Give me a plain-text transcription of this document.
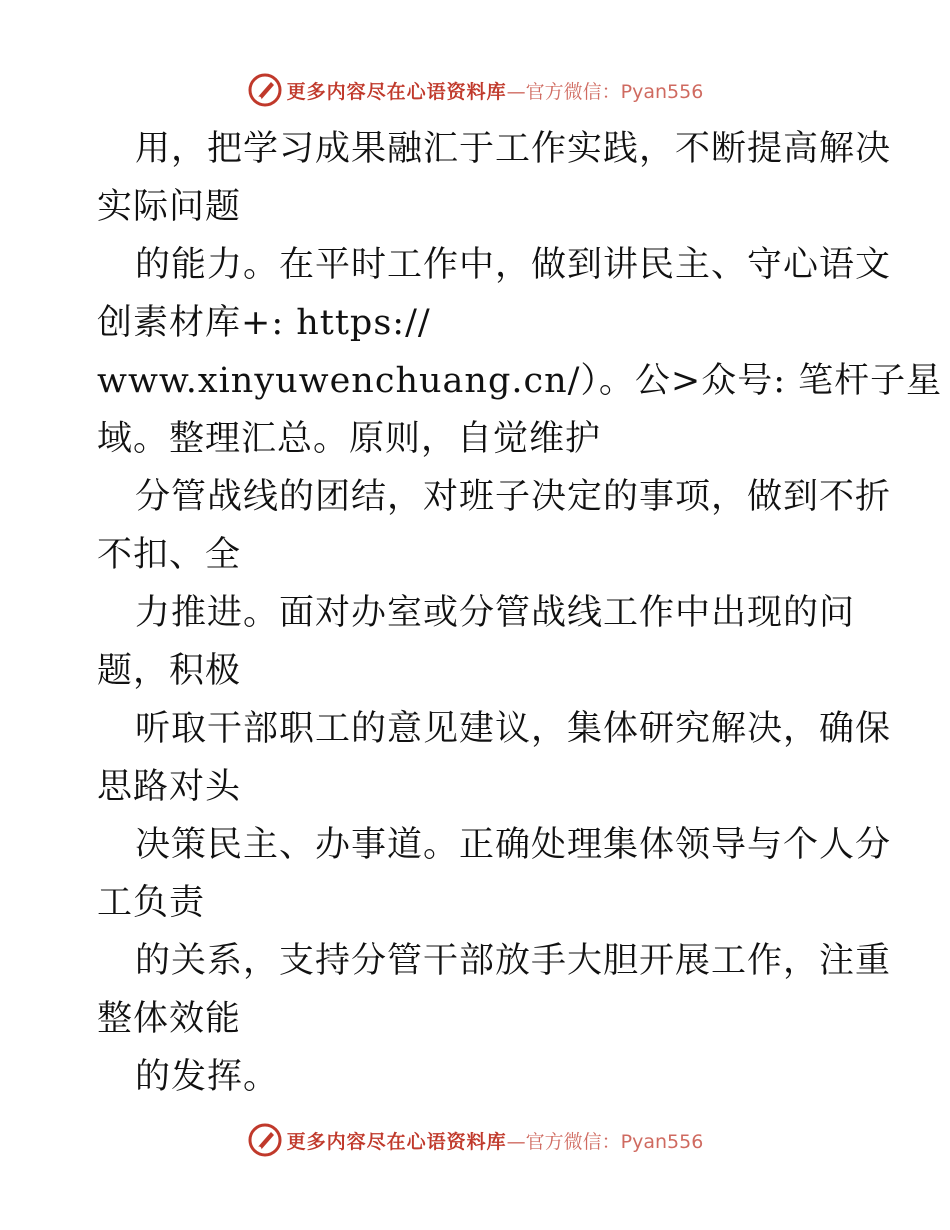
更多内容尽在心语资料库 —官方微信：Pyan556
用，把学习成果融汇于工作实践，不断提高解决
实际问题
的能力。在平时工作中，做到讲民主、守心语文
创素材库+: https://
www.xinyuwenchuang.cn/）。公>众号: 笔杆子星
域。整理汇总。原则，自觉维护
分管战线的团结，对班子决定的事项，做到不折
不扣、全
力推进。面对办室或分管战线工作中出现的问
题，积极
听取干部职工的意见建议，集体研究解决，确保
思路对头
决策民主、办事道。正确处理集体领导与个人分
工负责
的关系，支持分管干部放手大胆开展工作，注重
整体效能
的发挥。
更多内容尽在心语资料库 —官方微信：Pyan556
